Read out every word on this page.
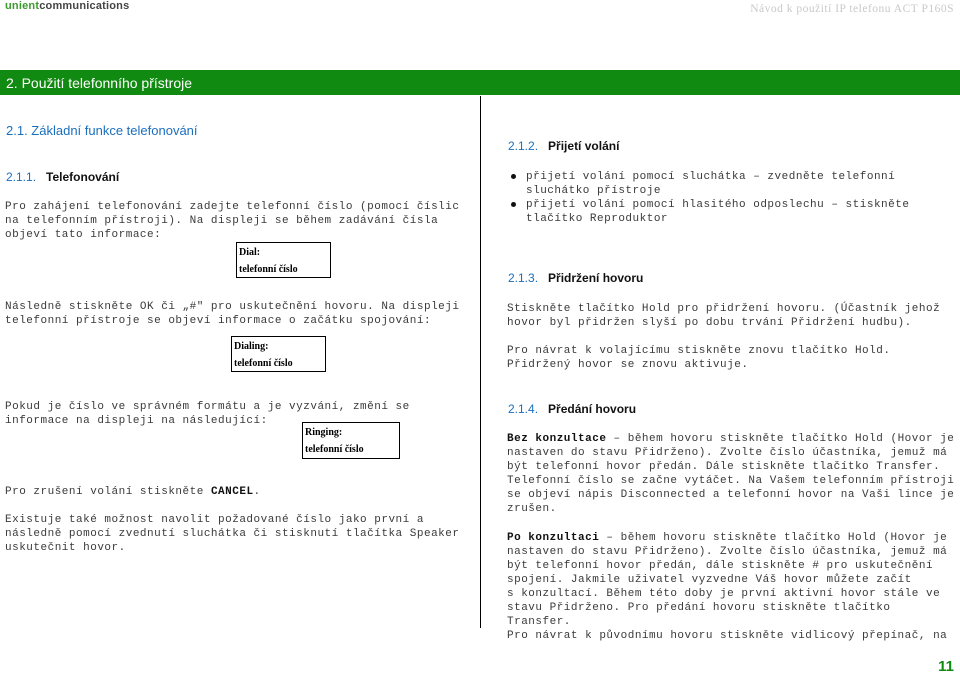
unientcommunications	Návod k použití IP telefonu ACT P160S
2. Použití telefonního přístroje
2.1. Základní funkce telefonování
2.1.1. Telefonování
Pro zahájení telefonování zadejte telefonní číslo (pomocí číslic
na telefonním přístroji). Na displeji se během zadávání čísla
objeví tato informace:
Dial:
telefonní číslo
Následně stiskněte OK či „#" pro uskutečnění hovoru. Na displeji
telefonní přístroje se objeví informace o začátku spojování:
Dialing:
telefonní číslo
Pokud je číslo ve správném formátu a je vyzvání, změní se
informace na displeji na následující:
Ringing:
telefonní číslo
Pro zrušení volání stiskněte CANCEL.
Existuje také možnost navolit požadované číslo jako první a
následně pomocí zvednutí sluchátka či stisknutí tlačítka Speaker
uskutečnit hovor.
2.1.2. Přijetí volání
přijetí volání pomocí sluchátka – zvedněte telefonní
sluchátko přístroje
přijetí volání pomocí hlasitého odposlechu – stiskněte
tlačítko Reproduktor
2.1.3. Přidržení hovoru
Stiskněte tlačítko Hold pro přidržení hovoru. (Účastník jehož
hovor byl přidržen slyší po dobu trvání Přidržení hudbu).
Pro návrat k volajícímu stiskněte znovu tlačítko Hold.
Přidržený hovor se znovu aktivuje.
2.1.4. Předání hovoru
Bez konzultace – během hovoru stiskněte tlačítko Hold (Hovor je
nastaven do stavu Přidrženo). Zvolte číslo účastníka, jemuž má
být telefonní hovor předán. Dále stiskněte tlačítko Transfer.
Telefonní číslo se začne vytáčet. Na Vašem telefonním přístroji
se objeví nápis Disconnected a telefonní hovor na Vaši lince je
zrušen.
Po konzultaci – během hovoru stiskněte tlačítko Hold (Hovor je
nastaven do stavu Přidrženo). Zvolte číslo účastníka, jemuž má
být telefonní hovor předán, dále stiskněte # pro uskutečnění
spojení. Jakmile uživatel vyzvedne Váš hovor můžete začít
s konzultací. Během této doby je první aktivní hovor stále ve
stavu Přidrženo. Pro předání hovoru stiskněte tlačítko Transfer.
Pro návrat k původnímu hovoru stiskněte vidlicový přepínač, na
11
